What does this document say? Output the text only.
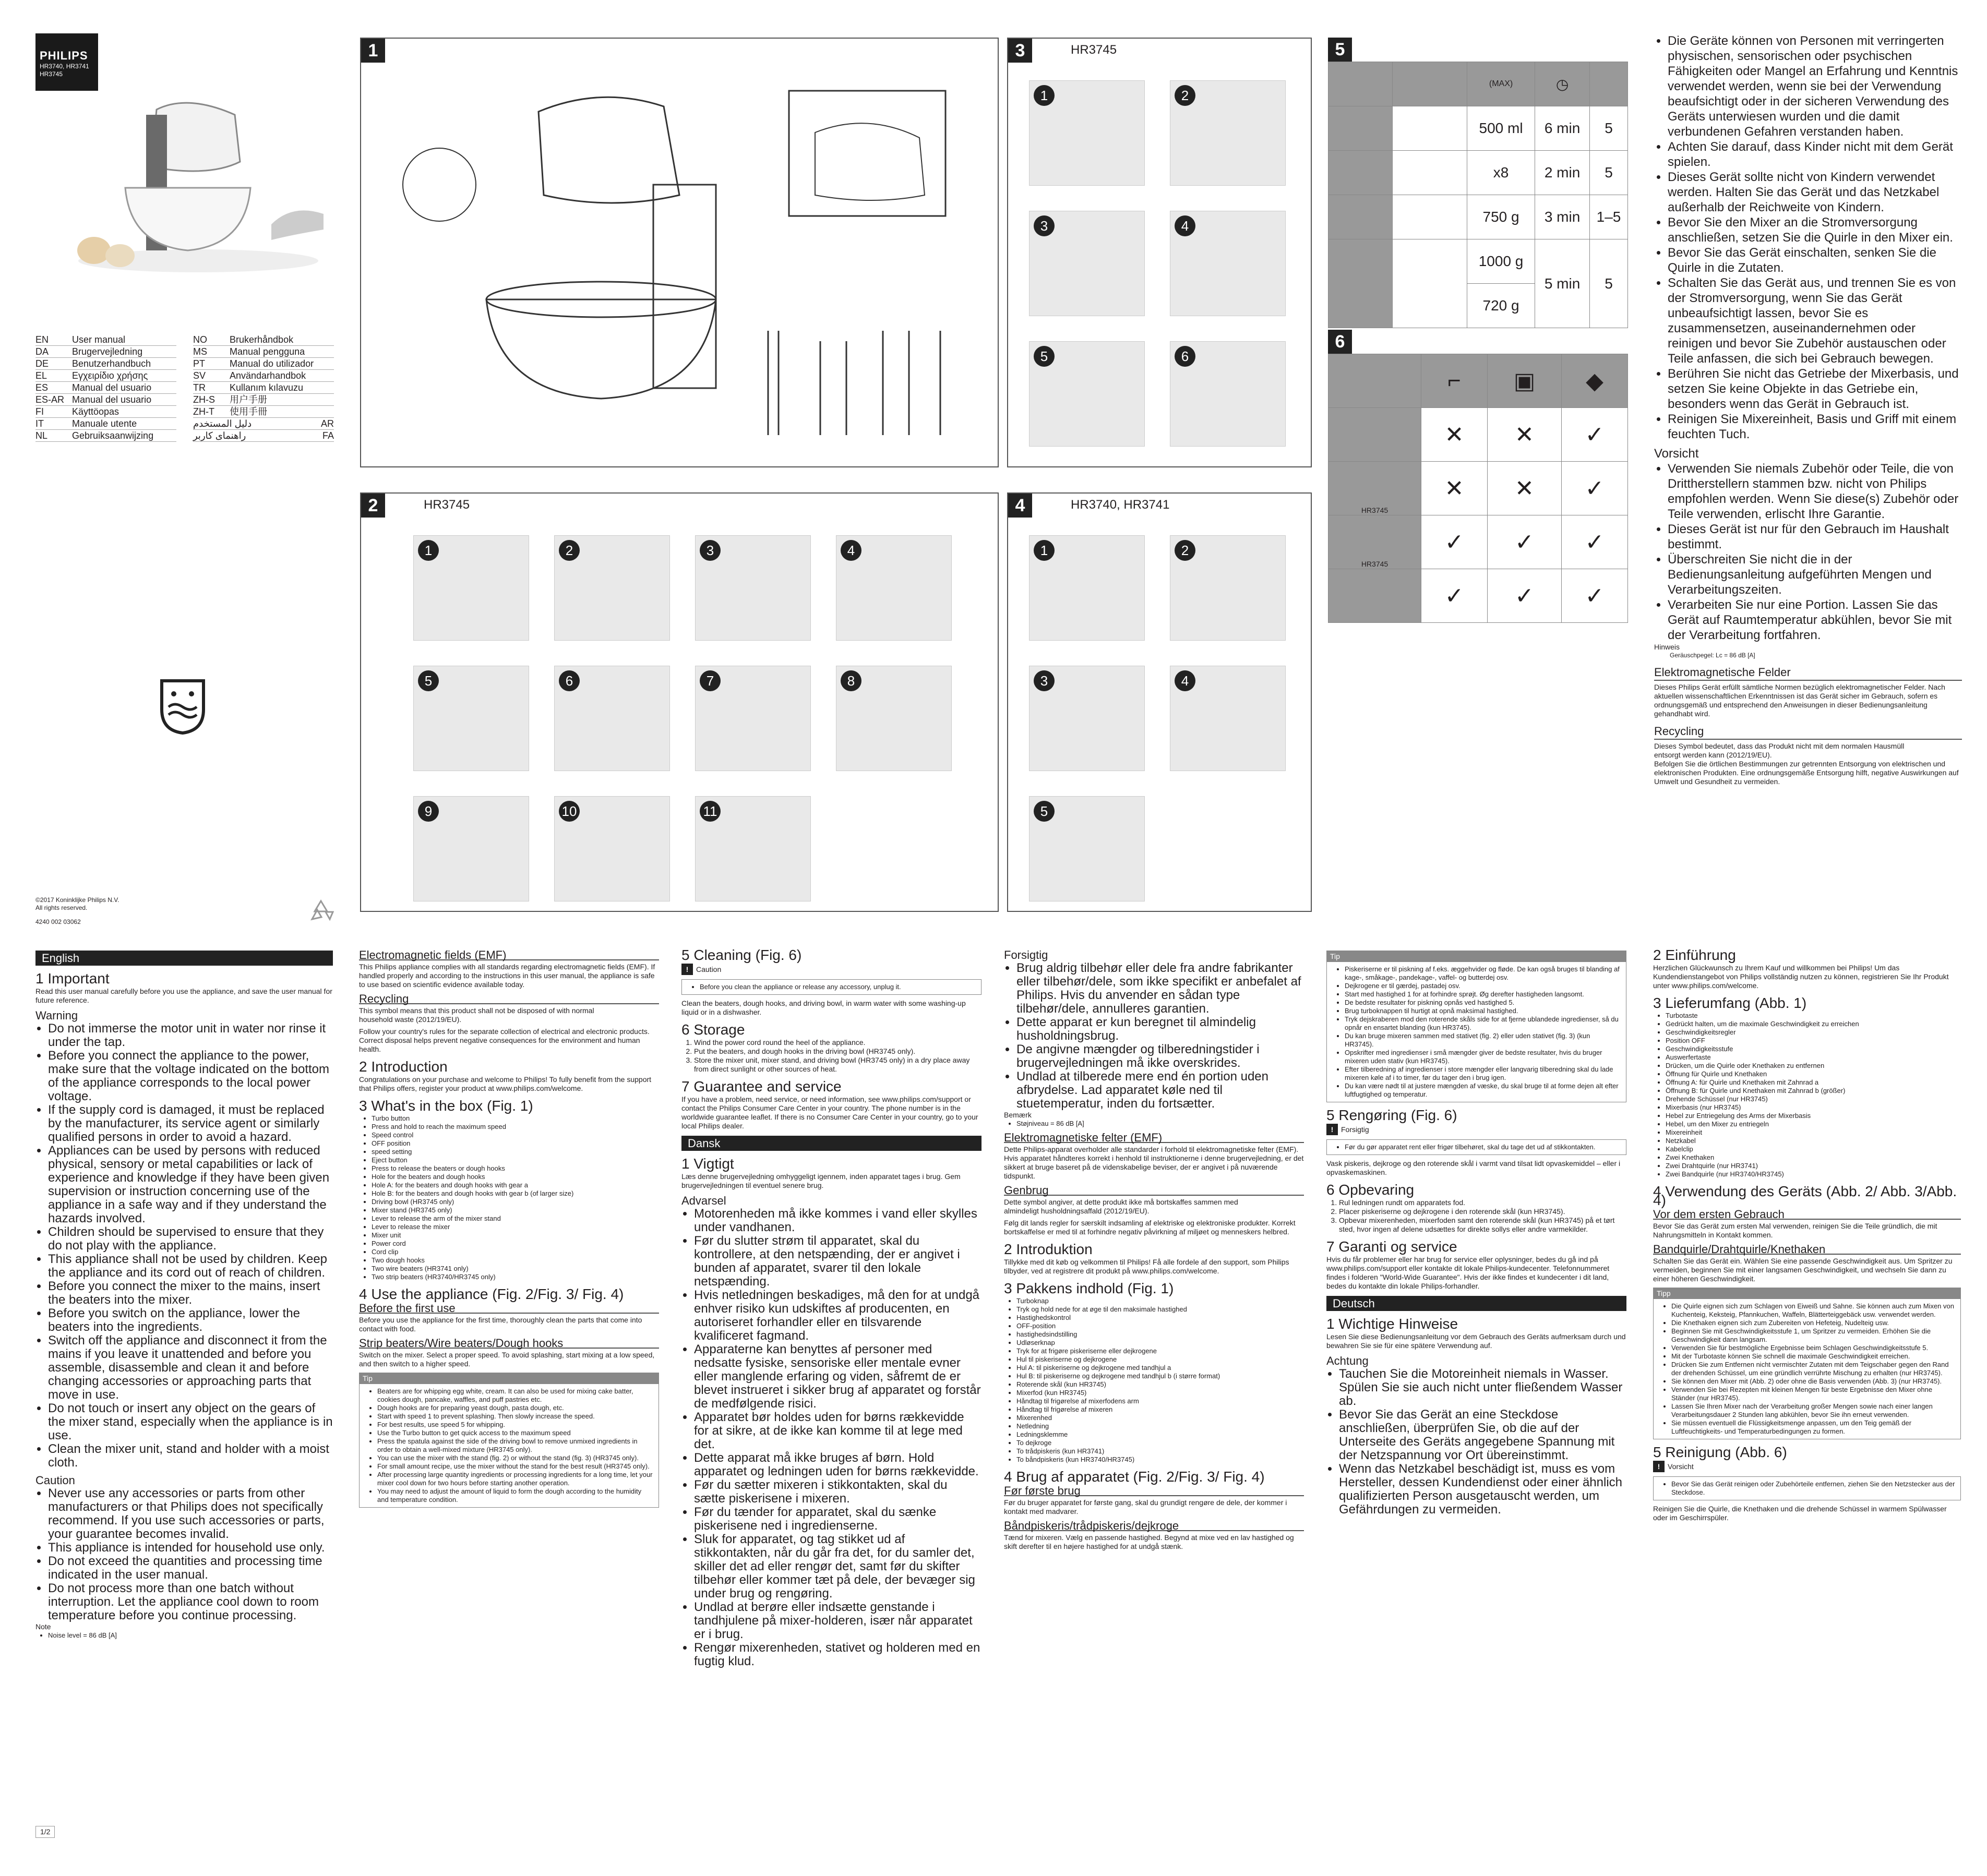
PHILIPS
HR3740, HR3741
HR3745
EN	User manual
DA	Brugervejledning
DE	Benutzerhandbuch
EL	Εγχειρίδιο χρήσης
ES	Manual del usuario
ES-AR Manual del usuario
FI	Käyttöopas
IT	Manuale utente
NL	Gebruiksaanwijzing
NO	Brukerhåndbok
MS	Manual pengguna
PT	Manual do utilizador
SV	Användarhandbok
TR	Kullanım kılavuzu
ZH-S	用户手册
ZH-T	使用手冊
دليل المستخدم	AR
راهنمای کاربر	FA
©2017 Koninklijke Philips N.V.
All rights reserved.
4240 002 03062
1	3	HR3745
1	2
3	4
5	6
5
		(MAX)	◷	
		500 ml	6 min	5
		x8	2 min	5
		750 g	3 min	1–5
		1000 g	5 min	5
		720 g		
6
	⌐	▣	◆
	✕	✕	✓
HR3745	✕	✕	✓
HR3745	✓	✓	✓
	✓	✓	✓
2	HR3745
1	2	3	4
5	6	7	8
9	10	11
4	HR3740, HR3741
1	2
3	4
5
• Die Geräte können von Personen mit verringerten physischen, sensorischen oder psychischen Fähigkeiten oder Mangel an Erfahrung und Kenntnis verwendet werden, wenn sie bei der Verwendung beaufsichtigt oder in der sicheren Verwendung des Geräts unterwiesen wurden und die damit verbundenen Gefahren verstanden haben.
• Achten Sie darauf, dass Kinder nicht mit dem Gerät spielen.
• Dieses Gerät sollte nicht von Kindern verwendet werden. Halten Sie das Gerät und das Netzkabel außerhalb der Reichweite von Kindern.
• Bevor Sie den Mixer an die Stromversorgung anschließen, setzen Sie die Quirle in den Mixer ein.
• Bevor Sie das Gerät einschalten, senken Sie die Quirle in die Zutaten.
• Schalten Sie das Gerät aus, und trennen Sie es von der Stromversorgung, wenn Sie das Gerät unbeaufsichtigt lassen, bevor Sie es zusammensetzen, auseinandernehmen oder reinigen und bevor Sie Zubehör austauschen oder Teile anfassen, die sich bei Gebrauch bewegen.
• Berühren Sie nicht das Getriebe der Mixerbasis, und setzen Sie keine Objekte in das Getriebe ein, besonders wenn das Gerät in Gebrauch ist.
• Reinigen Sie Mixereinheit, Basis und Griff mit einem feuchten Tuch.
Vorsicht
• Verwenden Sie niemals Zubehör oder Teile, die von Drittherstellern stammen bzw. nicht von Philips empfohlen werden. Wenn Sie diese(s) Zubehör oder Teile verwenden, erlischt Ihre Garantie.
• Dieses Gerät ist nur für den Gebrauch im Haushalt bestimmt.
• Überschreiten Sie nicht die in der Bedienungsanleitung aufgeführten Mengen und Verarbeitungszeiten.
• Verarbeiten Sie nur eine Portion. Lassen Sie das Gerät auf Raumtemperatur abkühlen, bevor Sie mit der Verarbeitung fortfahren.
Hinweis
Geräuschpegel: Lc = 86 dB [A]
Elektromagnetische Felder
Dieses Philips Gerät erfüllt sämtliche Normen bezüglich elektromagnetischer Felder. Nach aktuellen wissenschaftlichen Erkenntnissen ist das Gerät sicher im Gebrauch, sofern es ordnungsgemäß und entsprechend den Anweisungen in dieser Bedienungsanleitung gehandhabt wird.
Recycling
Dieses Symbol bedeutet, dass das Produkt nicht mit dem normalen Hausmüll entsorgt werden kann (2012/19/EU).
Befolgen Sie die örtlichen Bestimmungen zur getrennten Entsorgung von elektrischen und elektronischen Produkten. Eine ordnungsgemäße Entsorgung hilft, negative Auswirkungen auf Umwelt und Gesundheit zu vermeiden.
English
1 Important

Read this user manual carefully before you use the appliance, and save the user manual for future reference.

Warning
• Do not immerse the motor unit in water nor rinse it under the tap.
• Before you connect the appliance to the power, make sure that the voltage indicated on the bottom of the appliance corresponds to the local power voltage.
• If the supply cord is damaged, it must be replaced by the manufacturer, its service agent or similarly qualified persons in order to avoid a hazard.
• Appliances can be used by persons with reduced physical, sensory or metal capabilities or lack of experience and knowledge if they have been given supervision or instruction concerning use of the appliance in a safe way and if they understand the hazards involved.
• Children should be supervised to ensure that they do not play with the appliance.
• This appliance shall not be used by children. Keep the appliance and its cord out of reach of children.
• Before you connect the mixer to the mains, insert the beaters into the mixer.
• Before you switch on the appliance, lower the beaters into the ingredients.
• Switch off the appliance and disconnect it from the mains if you leave it unattended and before you assemble, disassemble and clean it and before changing accessories or approaching parts that move in use.
• Do not touch or insert any object on the gears of the mixer stand, especially when the appliance is in use.
• Clean the mixer unit, stand and holder with a moist cloth.
Caution
• Never use any accessories or parts from other manufacturers or that Philips does not specifically recommend. If you use such accessories or parts, your guarantee becomes invalid.
• This appliance is intended for household use only.
• Do not exceed the quantities and processing time indicated in the user manual.
• Do not process more than one batch without interruption. Let the appliance cool down to room temperature before you continue processing.
Note
• Noise level = 86 dB [A]
1/2
Electromagnetic fields (EMF)

This Philips appliance complies with all standards regarding electromagnetic fields (EMF). If handled properly and according to the instructions in this user manual, the appliance is safe to use based on scientific evidence available today.

Recycling

This symbol means that this product shall not be disposed of with normal household waste (2012/19/EU).

Follow your country's rules for the separate collection of electrical and electronic products. Correct disposal helps prevent negative consequences for the environment and human health.

2 Introduction

Congratulations on your purchase and welcome to Philips! To fully benefit from the support that Philips offers, register your product at www.philips.com/welcome.

3 What's in the box (Fig. 1)
• Turbo button
• Press and hold to reach the maximum speed
• Speed control
• OFF position
• speed setting
• Eject button
• Press to release the beaters or dough hooks
• Hole for the beaters and dough hooks
• Hole A: for the beaters and dough hooks with gear a
• Hole B: for the beaters and dough hooks with gear b (of larger size)
• Driving bowl (HR3745 only)
• Mixer stand (HR3745 only)
• Lever to release the arm of the mixer stand
• Lever to release the mixer
• Mixer unit
• Power cord
• Cord clip
• Two dough hooks
• Two wire beaters (HR3741 only)
• Two strip beaters (HR3740/HR3745 only)
4 Use the appliance (Fig. 2/Fig. 3/ Fig. 4)
Before the first use

Before you use the appliance for the first time, thoroughly clean the parts that come into contact with food.

Strip beaters/Wire beaters/Dough hooks

Switch on the mixer. Select a proper speed. To avoid splashing, start mixing at a low speed, and then switch to a higher speed.

Tip
• Beaters are for whipping egg white, cream. It can also be used for mixing cake batter, cookies dough, pancake, waffles, and puff pastries etc.
• Dough hooks are for preparing yeast dough, pasta dough, etc.
• Start with speed 1 to prevent splashing. Then slowly increase the speed.
• For best results, use speed 5 for whipping.
• Use the Turbo button to get quick access to the maximum speed
• Press the spatula against the side of the driving bowl to remove unmixed ingredients in order to obtain a well-mixed mixture (HR3745 only).
• You can use the mixer with the stand (fig. 2) or without the stand (fig. 3) (HR3745 only).
• For small amount recipe, use the mixer without the stand for the best result (HR3745 only).
• After processing large quantity ingredients or processing ingredients for a long time, let your mixer cool down for two hours before starting another operation.
• You may need to adjust the amount of liquid to form the dough according to the humidity and temperature condition.
5 Cleaning (Fig. 6)
!	Caution
• Before you clean the appliance or release any accessory, unplug it.

Clean the beaters, dough hooks, and driving bowl, in warm water with some washing-up liquid or in a dishwasher.

6 Storage
1. Wind the power cord round the heel of the appliance.
2. Put the beaters, and dough hooks in the driving bowl (HR3745 only).
3. Store the mixer unit, mixer stand, and driving bowl (HR3745 only) in a dry place away from direct sunlight or other sources of heat.
7 Guarantee and service

If you have a problem, need service, or need information, see www.philips.com/support or contact the Philips Consumer Care Center in your country. The phone number is in the worldwide guarantee leaflet. If there is no Consumer Care Center in your country, go to your local Philips dealer.

Dansk
1 Vigtigt

Læs denne brugervejledning omhyggeligt igennem, inden apparatet tages i brug. Gem brugervejledningen til eventuel senere brug.

Advarsel
• Motorenheden må ikke kommes i vand eller skylles under vandhanen.
• Før du slutter strøm til apparatet, skal du kontrollere, at den netspænding, der er angivet i bunden af apparatet, svarer til den lokale netspænding.
• Hvis netledningen beskadiges, må den for at undgå enhver risiko kun udskiftes af producenten, en autoriseret forhandler eller en tilsvarende kvalificeret fagmand.
• Apparaterne kan benyttes af personer med nedsatte fysiske, sensoriske eller mentale evner eller manglende erfaring og viden, såfremt de er blevet instrueret i sikker brug af apparatet og forstår de medfølgende risici.
• Apparatet bør holdes uden for børns rækkevidde for at sikre, at de ikke kan komme til at lege med det.
• Dette apparat må ikke bruges af børn. Hold apparatet og ledningen uden for børns rækkevidde.
• Før du sætter mixeren i stikkontakten, skal du sætte piskerisene i mixeren.
• Før du tænder for apparatet, skal du sænke piskerisene ned i ingredienserne.
• Sluk for apparatet, og tag stikket ud af stikkontakten, når du går fra det, for du samler det, skiller det ad eller rengør det, samt før du skifter tilbehør eller kommer tæt på dele, der bevæger sig under brug og rengøring.
• Undlad at berøre eller indsætte genstande i tandhjulene på mixer-holderen, især når apparatet er i brug.
• Rengør mixerenheden, stativet og holderen med en fugtig klud.
Forsigtig
• Brug aldrig tilbehør eller dele fra andre fabrikanter eller tilbehør/dele, som ikke specifikt er anbefalet af Philips. Hvis du anvender en sådan type tilbehør/dele, annulleres garantien.
• Dette apparat er kun beregnet til almindelig husholdningsbrug.
• De angivne mængder og tilberedningstider i brugervejledningen må ikke overskrides.
• Undlad at tilberede mere end én portion uden afbrydelse. Lad apparatet køle ned til stuetemperatur, inden du fortsætter.
Bemærk
• Støjniveau = 86 dB [A]
Elektromagnetiske felter (EMF)

Dette Philips-apparat overholder alle standarder i forhold til elektromagnetiske felter (EMF). Hvis apparatet håndteres korrekt i henhold til instruktionerne i denne brugervejledning, er det sikkert at bruge baseret på de videnskabelige beviser, der er angivet i på nuværende tidspunkt.

Genbrug

Dette symbol angiver, at dette produkt ikke må bortskaffes sammen med almindeligt husholdningsaffald (2012/19/EU).

Følg dit lands regler for særskilt indsamling af elektriske og elektroniske produkter. Korrekt bortskaffelse er med til at forhindre negativ påvirkning af miljøet og menneskers helbred.

2 Introduktion

Tillykke med dit køb og velkommen til Philips! Få alle fordele af den support, som Philips tilbyder, ved at registrere dit produkt på www.philips.com/welcome.

3 Pakkens indhold (Fig. 1)
• Turboknap
• Tryk og hold nede for at øge til den maksimale hastighed
• Hastighedskontrol
• OFF-position
• hastighedsindstilling
• Udløserknap
• Tryk for at frigøre piskeriserne eller dejkrogene
• Hul til piskeriserne og dejkrogene
• Hul A: til piskeriserne og dejkrogene med tandhjul a
• Hul B: til piskeriserne og dejkrogene med tandhjul b (i større format)
• Roterende skål (kun HR3745)
• Mixerfod (kun HR3745)
• Håndtag til frigørelse af mixerfodens arm
• Håndtag til frigørelse af mixeren
• Mixerenhed
• Netledning
• Ledningsklemme
• To dejkroge
• To trådpiskeris (kun HR3741)
• To båndpiskeris (kun HR3740/HR3745)
4 Brug af apparatet (Fig. 2/Fig. 3/ Fig. 4)
Før første brug

Før du bruger apparatet for første gang, skal du grundigt rengøre de dele, der kommer i kontakt med madvarer.

Båndpiskeris/trådpiskeris/dejkroge

Tænd for mixeren. Vælg en passende hastighed. Begynd at mixe ved en lav hastighed og skift derefter til en højere hastighed for at undgå stænk.

Tip
• Piskeriserne er til piskning af f.eks. æggehvider og fløde. De kan også bruges til blanding af kage-, småkage-, pandekage-, vaffel- og butterdej osv.
• Dejkrogene er til gærdej, pastadej osv.
• Start med hastighed 1 for at forhindre sprøjt. Øg derefter hastigheden langsomt.
• De bedste resultater for piskning opnås ved hastighed 5.
• Brug turboknappen til hurtigt at opnå maksimal hastighed.
• Tryk dejskraberen mod den roterende skåls side for at fjerne ublandede ingredienser, så du opnår en ensartet blanding (kun HR3745).
• Du kan bruge mixeren sammen med stativet (fig. 2) eller uden stativet (fig. 3) (kun HR3745).
• Opskrifter med ingredienser i små mængder giver de bedste resultater, hvis du bruger mixeren uden stativ (kun HR3745).
• Efter tilberedning af ingredienser i store mængder eller langvarig tilberedning skal du lade mixeren køle af i to timer, før du tager den i brug igen.
• Du kan være nødt til at justere mængden af væske, du skal bruge til at forme dejen alt efter luftfugtighed og temperatur.
5 Rengøring (Fig. 6)
!	Forsigtig
• Før du gør apparatet rent eller frigør tilbehøret, skal du tage det ud af stikkontakten.

Vask piskeris, dejkroge og den roterende skål i varmt vand tilsat lidt opvaskemiddel – eller i opvaskemaskinen.

6 Opbevaring
1. Rul ledningen rundt om apparatets fod.
2. Placer piskeriserne og dejkrogene i den roterende skål (kun HR3745).
3. Opbevar mixerenheden, mixerfoden samt den roterende skål (kun HR3745) på et tørt sted, hvor ingen af delene udsættes for direkte sollys eller andre varmekilder.
7 Garanti og service

Hvis du får problemer eller har brug for service eller oplysninger, bedes du gå ind på www.philips.com/support eller kontakte dit lokale Philips-kundecenter. Telefonnummeret findes i folderen "World-Wide Guarantee". Hvis der ikke findes et kundecenter i dit land, bedes du kontakte din lokale Philips-forhandler.

Deutsch
1 Wichtige Hinweise

Lesen Sie diese Bedienungsanleitung vor dem Gebrauch des Geräts aufmerksam durch und bewahren Sie sie für eine spätere Verwendung auf.

Achtung
• Tauchen Sie die Motoreinheit niemals in Wasser. Spülen Sie sie auch nicht unter fließendem Wasser ab.
• Bevor Sie das Gerät an eine Steckdose anschließen, überprüfen Sie, ob die auf der Unterseite des Geräts angegebene Spannung mit der Netzspannung vor Ort übereinstimmt.
• Wenn das Netzkabel beschädigt ist, muss es vom Hersteller, dessen Kundendienst oder einer ähnlich qualifizierten Person ausgetauscht werden, um Gefährdungen zu vermeiden.
2 Einführung

Herzlichen Glückwunsch zu Ihrem Kauf und willkommen bei Philips! Um das Kundendienstangebot von Philips vollständig nutzen zu können, registrieren Sie Ihr Produkt unter www.philips.com/welcome.

3 Lieferumfang (Abb. 1)
• Turbotaste
• Gedrückt halten, um die maximale Geschwindigkeit zu erreichen
• Geschwindigkeitsregler
• Position OFF
• Geschwindigkeitsstufe
• Auswerfertaste
• Drücken, um die Quirle oder Knethaken zu entfernen
• Öffnung für Quirle und Knethaken
• Öffnung A: für Quirle und Knethaken mit Zahnrad a
• Öffnung B: für Quirle und Knethaken mit Zahnrad b (größer)
• Drehende Schüssel (nur HR3745)
• Mixerbasis (nur HR3745)
• Hebel zur Entriegelung des Arms der Mixerbasis
• Hebel, um den Mixer zu entriegeln
• Mixereinheit
• Netzkabel
• Kabelclip
• Zwei Knethaken
• Zwei Drahtquirle (nur HR3741)
• Zwei Bandquirle (nur HR3740/HR3745)
4 Verwendung des Geräts (Abb. 2/ Abb. 3/Abb. 4)
Vor dem ersten Gebrauch

Bevor Sie das Gerät zum ersten Mal verwenden, reinigen Sie die Teile gründlich, die mit Nahrungsmitteln in Kontakt kommen.

Bandquirle/Drahtquirle/Knethaken

Schalten Sie das Gerät ein. Wählen Sie eine passende Geschwindigkeit aus. Um Spritzer zu vermeiden, beginnen Sie mit einer langsamen Geschwindigkeit, und wechseln Sie dann zu einer höheren Geschwindigkeit.

Tipp
• Die Quirle eignen sich zum Schlagen von Eiweiß und Sahne. Sie können auch zum Mixen von Kuchenteig, Keksteig, Pfannkuchen, Waffeln, Blätterteiggebäck usw. verwendet werden.
• Die Knethaken eignen sich zum Zubereiten von Hefeteig, Nudelteig usw.
• Beginnen Sie mit Geschwindigkeitsstufe 1, um Spritzer zu vermeiden. Erhöhen Sie die Geschwindigkeit dann langsam.
• Verwenden Sie für bestmögliche Ergebnisse beim Schlagen Geschwindigkeitsstufe 5.
• Mit der Turbotaste können Sie schnell die maximale Geschwindigkeit erreichen.
• Drücken Sie zum Entfernen nicht vermischter Zutaten mit dem Teigschaber gegen den Rand der drehenden Schüssel, um eine gründlich verrührte Mischung zu erhalten (nur HR3745).
• Sie können den Mixer mit (Abb. 2) oder ohne die Basis verwenden (Abb. 3) (nur HR3745).
• Verwenden Sie bei Rezepten mit kleinen Mengen für beste Ergebnisse den Mixer ohne Ständer (nur HR3745).
• Lassen Sie Ihren Mixer nach der Verarbeitung großer Mengen sowie nach einer langen Verarbeitungsdauer 2 Stunden lang abkühlen, bevor Sie ihn erneut verwenden.
• Sie müssen eventuell die Flüssigkeitsmenge anpassen, um den Teig gemäß der Luftfeuchtigkeits- und Temperaturbedingungen zu formen.
5 Reinigung (Abb. 6)
!	Vorsicht
• Bevor Sie das Gerät reinigen oder Zubehörteile entfernen, ziehen Sie den Netzstecker aus der Steckdose.

Reinigen Sie die Quirle, die Knethaken und die drehende Schüssel in warmem Spülwasser oder im Geschirrspüler.
